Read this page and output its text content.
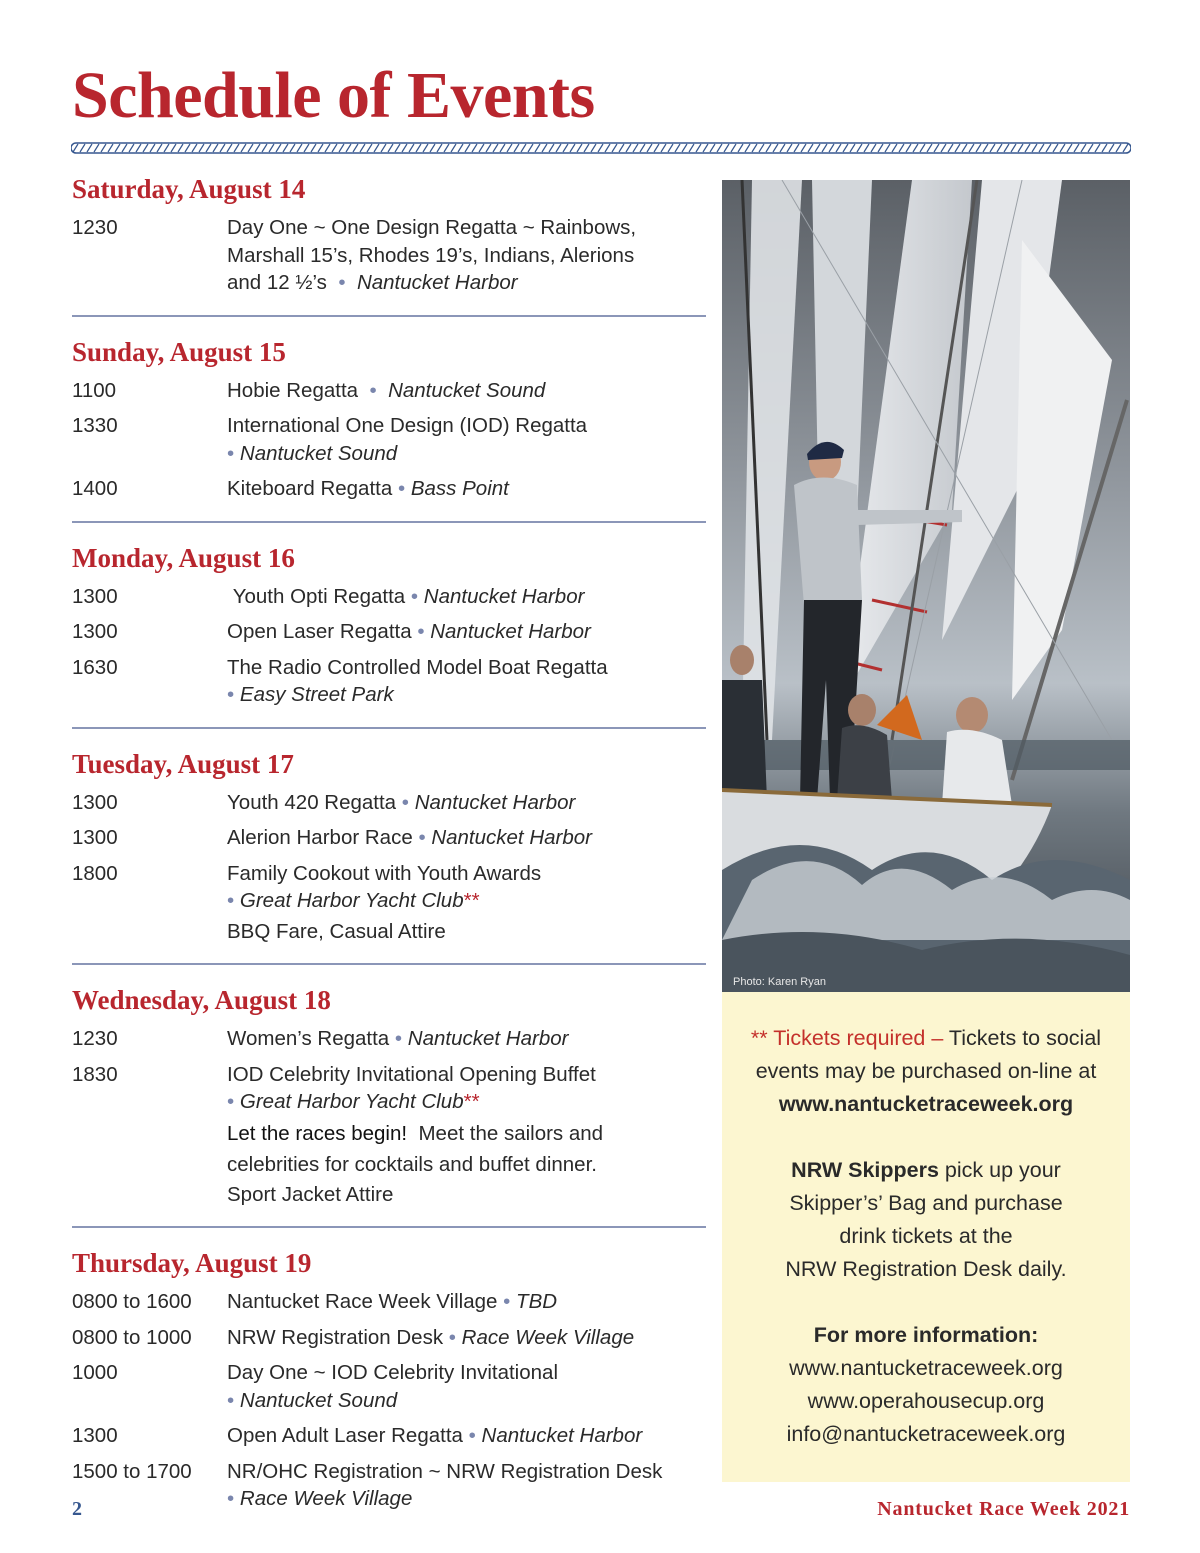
Schedule of Events
Saturday, August 14
1230	Day One ~ One Design Regatta ~ Rainbows, Marshall 15’s, Rhodes 19’s, Indians, Alerions and 12 ½’s • Nantucket Harbor
Sunday, August 15
1100	Hobie Regatta • Nantucket Sound
1330	International One Design (IOD) Regatta
• Nantucket Sound
1400	Kiteboard Regatta • Bass Point
Monday, August 16
1300	Youth Opti Regatta • Nantucket Harbor
1300	Open Laser Regatta • Nantucket Harbor
1630	The Radio Controlled Model Boat Regatta
• Easy Street Park
Tuesday, August 17
1300	Youth 420 Regatta • Nantucket Harbor
1300	Alerion Harbor Race • Nantucket Harbor
1800	Family Cookout with Youth Awards
• Great Harbor Yacht Club**

BBQ Fare, Casual Attire
Wednesday, August 18
1230	Women’s Regatta • Nantucket Harbor
1830	IOD Celebrity Invitational Opening Buffet
• Great Harbor Yacht Club**
Let the races begin! Meet the sailors and celebrities for cocktails and buffet dinner.
Sport Jacket Attire
Thursday, August 19
0800 to 1600	Nantucket Race Week Village • TBD
0800 to 1000	NRW Registration Desk • Race Week Village
1000	Day One ~ IOD Celebrity Invitational
• Nantucket Sound
1300	Open Adult Laser Regatta • Nantucket Harbor
1500 to 1700	NR/OHC Registration ~ NRW Registration Desk
• Race Week Village
Photo: Karen Ryan

** Tickets required – Tickets to social events may be purchased on-line at
www.nantucketraceweek.org

NRW Skippers pick up your
Skipper’s’ Bag and purchase
drink tickets at the
NRW Registration Desk daily.

For more information:
www.nantucketraceweek.org
www.operahousecup.org
info@nantucketraceweek.org

2	Nantucket Race Week 2021
